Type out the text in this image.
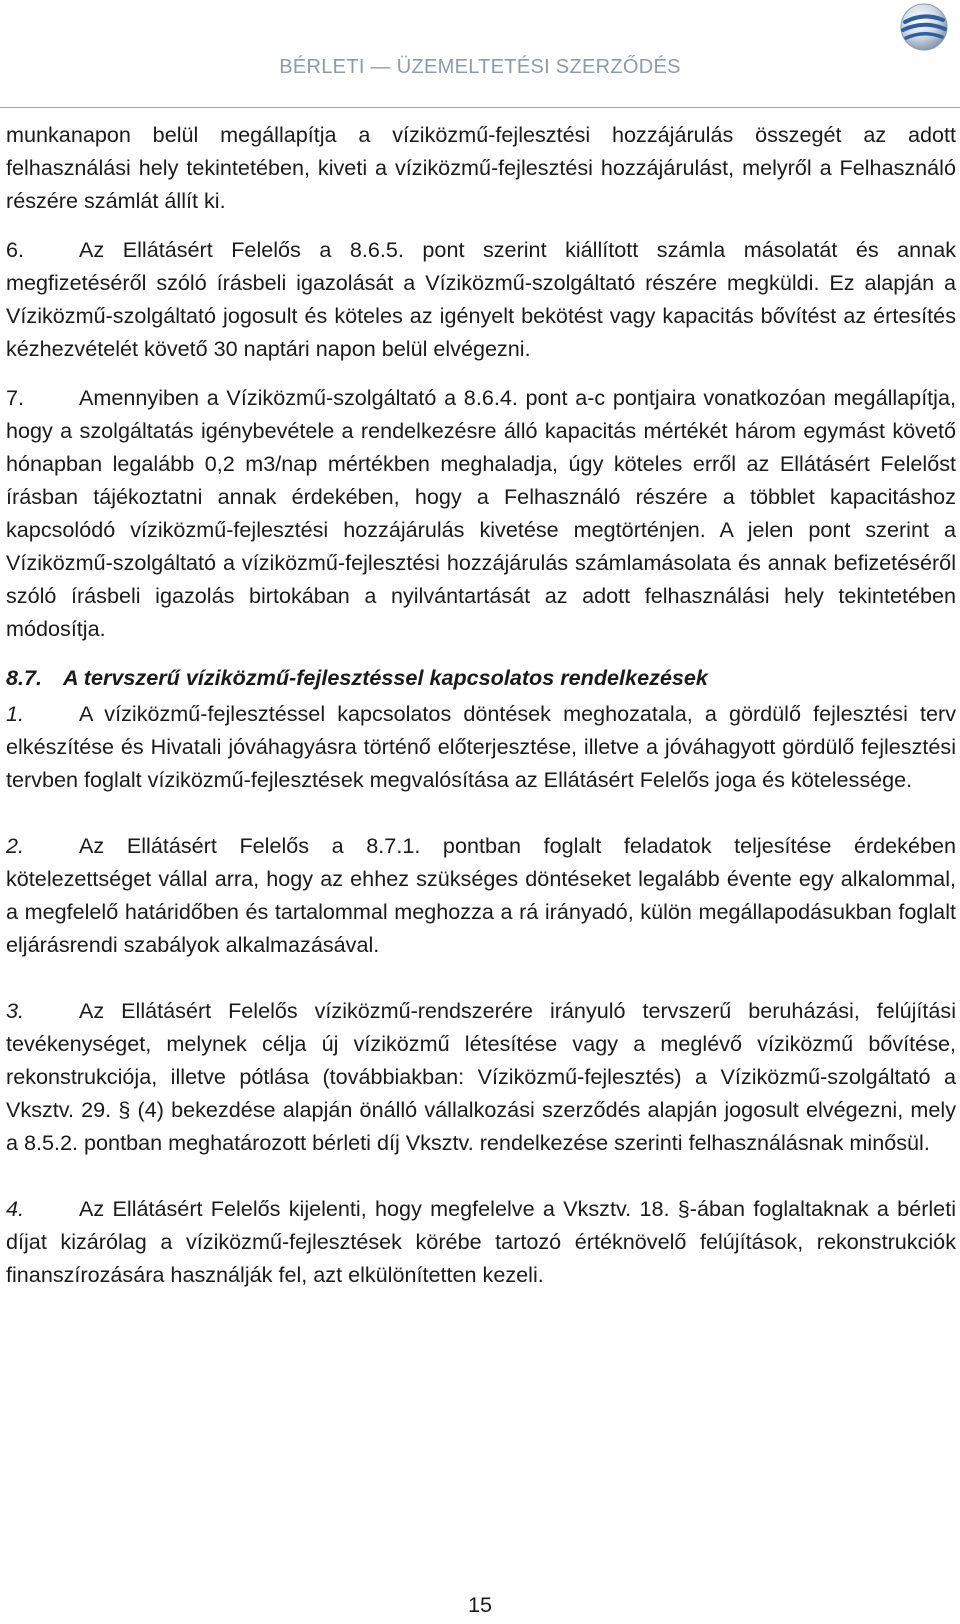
BÉRLETI — ÜZEMELTETÉSI SZERZŐDÉS

munkanapon belül megállapítja a víziközmű-fejlesztési hozzájárulás összegét az adott felhasználási hely tekintetében, kiveti a víziközmű-fejlesztési hozzájárulást, melyről a Felhasználó részére számlát állít ki.

6.	Az Ellátásért Felelős a 8.6.5. pont szerint kiállított számla másolatát és annak megfizetéséről szóló írásbeli igazolását a Víziközmű-szolgáltató részére megküldi. Ez alapján a Víziközmű-szolgáltató jogosult és köteles az igényelt bekötést vagy kapacitás bővítést az értesítés kézhezvételét követő 30 naptári napon belül elvégezni.

7.	Amennyiben a Víziközmű-szolgáltató a 8.6.4. pont a-c pontjaira vonatkozóan megállapítja, hogy a szolgáltatás igénybevétele a rendelkezésre álló kapacitás mértékét három egymást követő hónapban legalább 0,2 m3/nap mértékben meghaladja, úgy köteles erről az Ellátásért Felelőst írásban tájékoztatni annak érdekében, hogy a Felhasználó részére a többlet kapacitáshoz kapcsolódó víziközmű-fejlesztési hozzájárulás kivetése megtörténjen. A jelen pont szerint a Víziközmű-szolgáltató a víziközmű-fejlesztési hozzájárulás számlamásolata és annak befizetéséről szóló írásbeli igazolás birtokában a nyilvántartását az adott felhasználási hely tekintetében módosítja.

8.7. A tervszerű víziközmű-fejlesztéssel kapcsolatos rendelkezések

1.	A víziközmű-fejlesztéssel kapcsolatos döntések meghozatala, a gördülő fejlesztési terv elkészítése és Hivatali jóváhagyásra történő előterjesztése, illetve a jóváhagyott gördülő fejlesztési tervben foglalt víziközmű-fejlesztések megvalósítása az Ellátásért Felelős joga és kötelessége.

2.	Az Ellátásért Felelős a 8.7.1. pontban foglalt feladatok teljesítése érdekében kötelezettséget vállal arra, hogy az ehhez szükséges döntéseket legalább évente egy alkalommal, a megfelelő határidőben és tartalommal meghozza a rá irányadó, külön megállapodásukban foglalt eljárásrendi szabályok alkalmazásával.

3.	Az Ellátásért Felelős víziközmű-rendszerére irányuló tervszerű beruházási, felújítási tevékenységet, melynek célja új víziközmű létesítése vagy a meglévő víziközmű bővítése, rekonstrukciója, illetve pótlása (továbbiakban: Víziközmű-fejlesztés) a Víziközmű-szolgáltató a Vksztv. 29. § (4) bekezdése alapján önálló vállalkozási szerződés alapján jogosult elvégezni, mely a 8.5.2. pontban meghatározott bérleti díj Vksztv. rendelkezése szerinti felhasználásnak minősül.

4.	Az Ellátásért Felelős kijelenti, hogy megfelelve a Vksztv. 18. §-ában foglaltaknak a bérleti díjat kizárólag a víziközmű-fejlesztések körébe tartozó értéknövelő felújítások, rekonstrukciók finanszírozására használják fel, azt elkülönítetten kezeli.

15
